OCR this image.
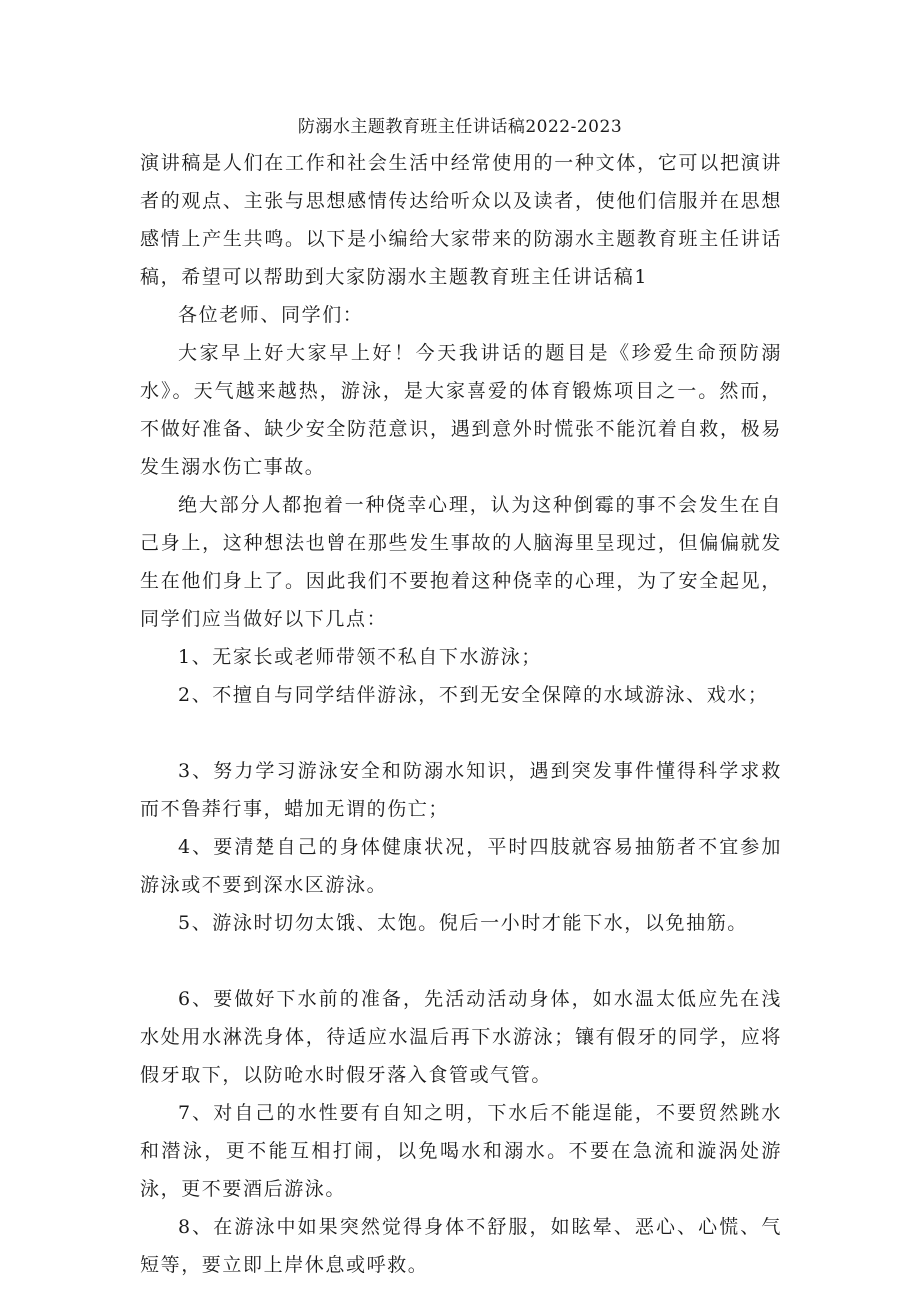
防溺水主题教育班主任讲话稿2022-2023

演讲稿是人们在工作和社会生活中经常使用的一种文体，它可以把演讲者的观点、主张与思想感情传达给听众以及读者，使他们信服并在思想感情上产生共鸣。以下是小编给大家带来的防溺水主题教育班主任讲话稿，希望可以帮助到大家防溺水主题教育班主任讲话稿1

各位老师、同学们：

大家早上好大家早上好！今天我讲话的题目是《珍爱生命预防溺水》。天气越来越热，游泳，是大家喜爱的体育锻炼项目之一。然而，不做好准备、缺少安全防范意识，遇到意外时慌张不能沉着自救，极易发生溺水伤亡事故。

绝大部分人都抱着一种侥幸心理，认为这种倒霉的事不会发生在自己身上，这种想法也曾在那些发生事故的人脑海里呈现过，但偏偏就发生在他们身上了。因此我们不要抱着这种侥幸的心理，为了安全起见，同学们应当做好以下几点：

1、无家长或老师带领不私自下水游泳；

2、不擅自与同学结伴游泳，不到无安全保障的水域游泳、戏水；

3、努力学习游泳安全和防溺水知识，遇到突发事件懂得科学求救而不鲁莽行事，蜡加无谓的伤亡；

4、要清楚自己的身体健康状况，平时四肢就容易抽筋者不宜参加游泳或不要到深水区游泳。

5、游泳时切勿太饿、太饱。倪后一小时才能下水，以免抽筋。

6、要做好下水前的准备，先活动活动身体，如水温太低应先在浅水处用水淋洗身体，待适应水温后再下水游泳；镶有假牙的同学，应将假牙取下，以防呛水时假牙落入食管或气管。

7、对自己的水性要有自知之明，下水后不能逞能，不要贸然跳水和潜泳，更不能互相打闹，以免喝水和溺水。不要在急流和漩涡处游泳，更不要酒后游泳。

8、在游泳中如果突然觉得身体不舒服，如眩晕、恶心、心慌、气短等，要立即上岸休息或呼救。
